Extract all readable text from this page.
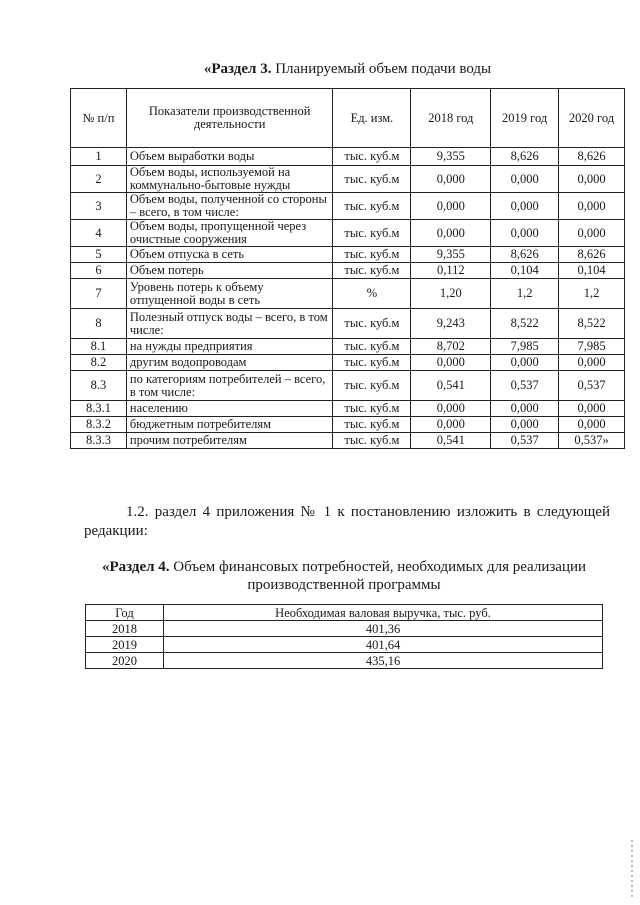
«Раздел 3. Планируемый объем подачи воды
№ п/п	Показатели производственной деятельности	Ед. изм.	2018 год	2019 год	2020 год
1	Объем выработки воды	тыс. куб.м	9,355	8,626	8,626
2	Объем воды, используемой на коммунально-бытовые нужды	тыс. куб.м	0,000	0,000	0,000
3	Объем воды, полученной со стороны – всего, в том числе:	тыс. куб.м	0,000	0,000	0,000
4	Объем воды, пропущенной через очистные сооружения	тыс. куб.м	0,000	0,000	0,000
5	Объем отпуска в сеть	тыс. куб.м	9,355	8,626	8,626
6	Объем потерь	тыс. куб.м	0,112	0,104	0,104
7	Уровень потерь к объему отпущенной воды в сеть	%	1,20	1,2	1,2
8	Полезный отпуск воды – всего, в том числе:	тыс. куб.м	9,243	8,522	8,522
8.1	на нужды предприятия	тыс. куб.м	8,702	7,985	7,985
8.2	другим водопроводам	тыс. куб.м	0,000	0,000	0,000
8.3	по категориям потребителей – всего, в том числе:	тыс. куб.м	0,541	0,537	0,537
8.3.1	населению	тыс. куб.м	0,000	0,000	0,000
8.3.2	бюджетным потребителям	тыс. куб.м	0,000	0,000	0,000
8.3.3	прочим потребителям	тыс. куб.м	0,541	0,537	0,537»
1.2. раздел 4 приложения № 1 к постановлению изложить в следующей редакции:
«Раздел 4. Объем финансовых потребностей, необходимых для реализации производственной программы
Год	Необходимая валовая выручка, тыс. руб.
2018	401,36
2019	401,64
2020	435,16
